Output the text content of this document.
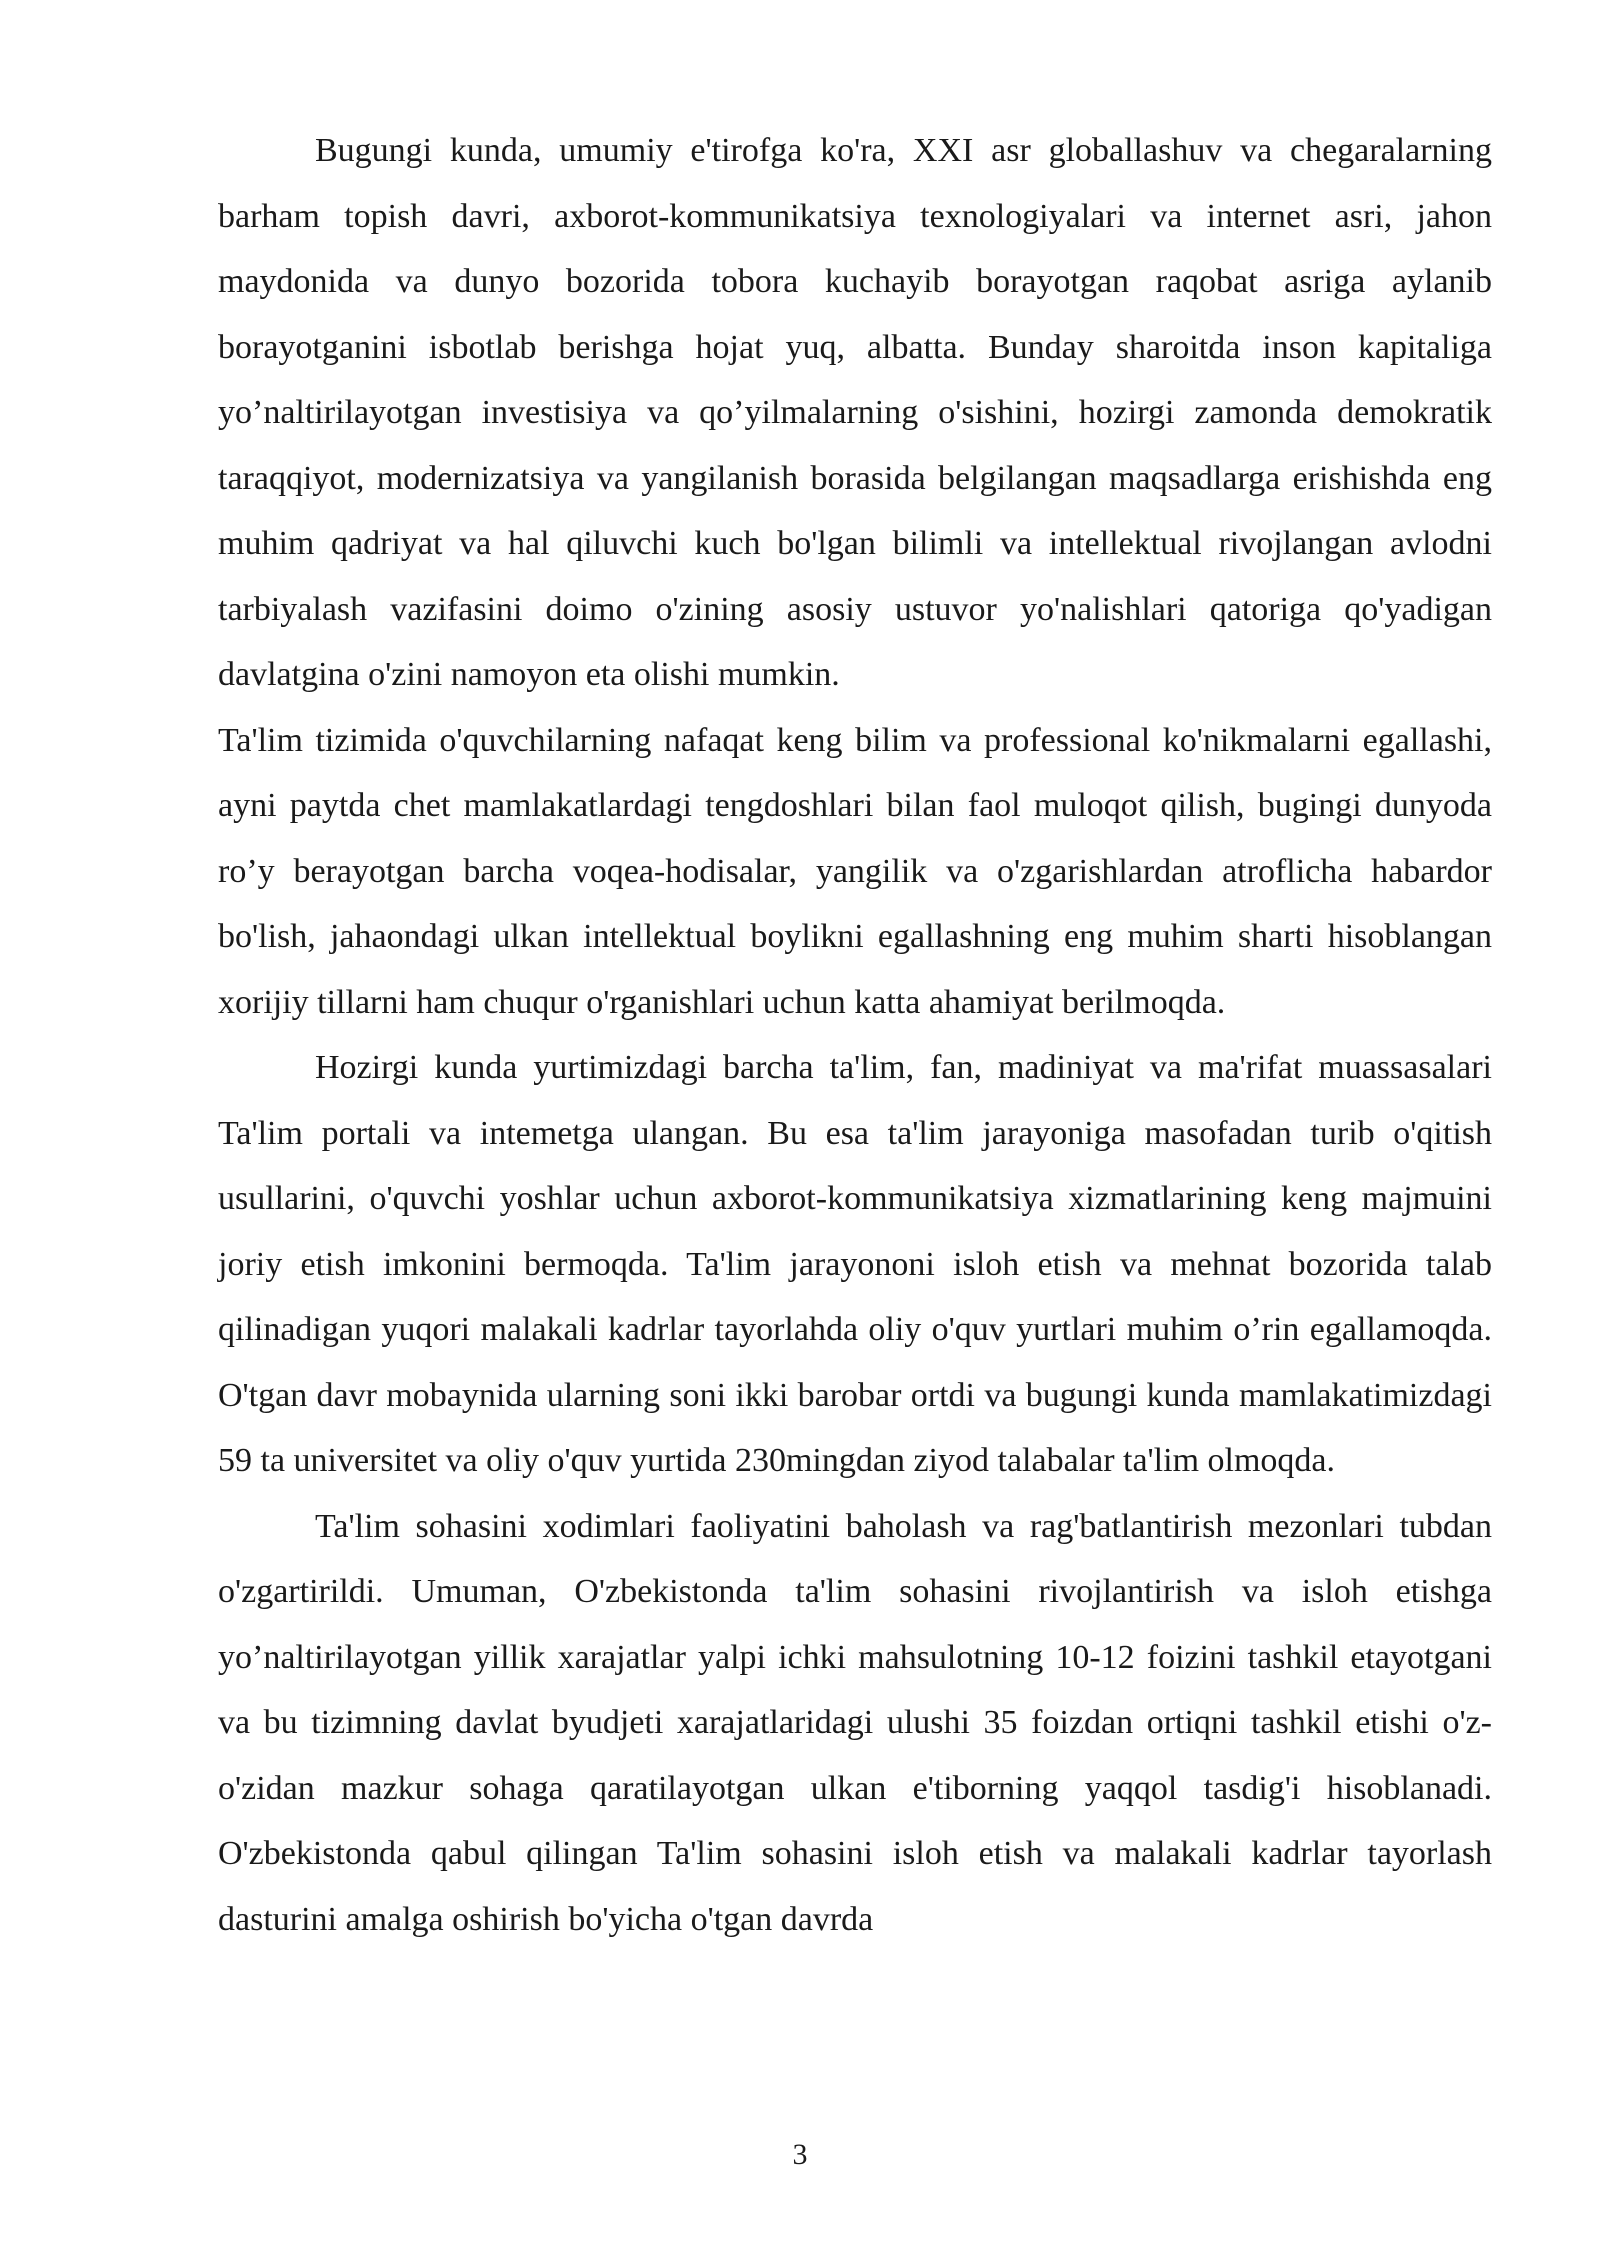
Bugungi kunda, umumiy e'tirofga ko'ra, XXI asr globallashuv va chegaralarning barham topish davri, axborot-kommunikatsiya texnologiyalari va internet asri, jahon maydonida va dunyo bozorida tobora kuchayib borayotgan raqobat asriga aylanib borayotganini isbotlab berishga hojat yuq, albatta. Bunday sharoitda inson kapitaliga yo’naltirilayotgan investisiya va qo’yilmalarning o'sishini, hozirgi zamonda demokratik taraqqiyot, modernizatsiya va yangilanish borasida belgilangan maqsadlarga erishishda eng muhim qadriyat va hal qiluvchi kuch bo'lgan bilimli va intellektual rivojlangan avlodni tarbiyalash vazifasini doimo o'zining asosiy ustuvor yo'nalishlari qatoriga qo'yadigan davlatgina o'zini namoyon eta olishi mumkin.

Ta'lim tizimida o'quvchilarning nafaqat keng bilim va professional ko'nikmalarni egallashi, ayni paytda chet mamlakatlardagi tengdoshlari bilan faol muloqot qilish, bugingi dunyoda ro’y berayotgan barcha voqea-hodisalar, yangilik va o'zgarishlardan atroflicha habardor bo'lish, jahaondagi ulkan intellektual boylikni egallashning eng muhim sharti hisoblangan xorijiy tillarni ham chuqur o'rganishlari uchun katta ahamiyat berilmoqda.

Hozirgi kunda yurtimizdagi barcha ta'lim, fan, madiniyat va ma'rifat muassasalari Ta'lim portali va intemetga ulangan. Bu esa ta'lim jarayoniga masofadan turib o'qitish usullarini, o'quvchi yoshlar uchun axborot-kommunikatsiya xizmatlarining keng majmuini joriy etish imkonini bermoqda. Ta'lim jarayononi isloh etish va mehnat bozorida talab qilinadigan yuqori malakali kadrlar tayorlahda oliy o'quv yurtlari muhim o’rin egallamoqda. O'tgan davr mobaynida ularning soni ikki barobar ortdi va bugungi kunda mamlakatimizdagi 59 ta universitet va oliy o'quv yurtida 230mingdan ziyod talabalar ta'lim olmoqda.

Ta'lim sohasini xodimlari faoliyatini baholash va rag'batlantirish mezonlari tubdan o'zgartirildi. Umuman, O'zbekistonda ta'lim sohasini rivojlantirish va isloh etishga yo’naltirilayotgan yillik xarajatlar yalpi ichki mahsulotning 10-12 foizini tashkil etayotgani va bu tizimning davlat byudjeti xarajatlaridagi ulushi 35 foizdan ortiqni tashkil etishi o'z-o'zidan mazkur sohaga qaratilayotgan ulkan e'tiborning yaqqol tasdig'i hisoblanadi. O'zbekistonda qabul qilingan Ta'lim sohasini isloh etish va malakali kadrlar tayorlash dasturini amalga oshirish bo'yicha o'tgan davrda

3
